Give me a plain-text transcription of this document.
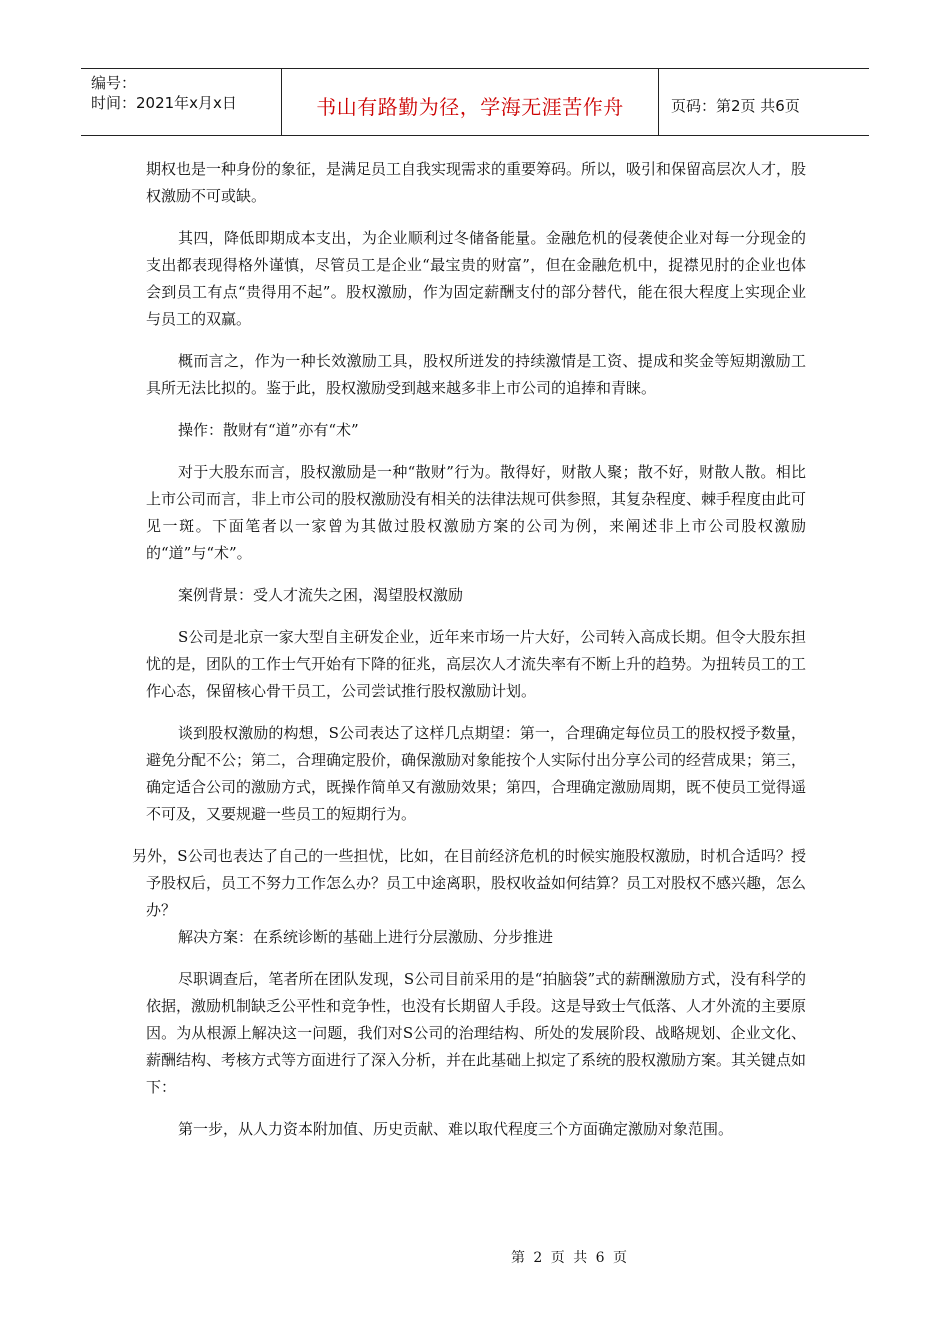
编号：
时间：2021年x月x日	书山有路勤为径，学海无涯苦作舟	页码：第2页 共6页

期权也是一种身份的象征，是满足员工自我实现需求的重要筹码。所以，吸引和保留高层次人才，股权激励不可或缺。

其四，降低即期成本支出，为企业顺利过冬储备能量。金融危机的侵袭使企业对每一分现金的支出都表现得格外谨慎，尽管员工是企业“最宝贵的财富”，但在金融危机中，捉襟见肘的企业也体会到员工有点“贵得用不起”。股权激励，作为固定薪酬支付的部分替代，能在很大程度上实现企业与员工的双赢。

概而言之，作为一种长效激励工具，股权所迸发的持续激情是工资、提成和奖金等短期激励工具所无法比拟的。鉴于此，股权激励受到越来越多非上市公司的追捧和青睐。

操作：散财有“道”亦有“术”

对于大股东而言，股权激励是一种“散财”行为。散得好，财散人聚；散不好，财散人散。相比上市公司而言，非上市公司的股权激励没有相关的法律法规可供参照，其复杂程度、棘手程度由此可见一斑。下面笔者以一家曾为其做过股权激励方案的公司为例，来阐述非上市公司股权激励的“道”与“术”。

案例背景：受人才流失之困，渴望股权激励

S公司是北京一家大型自主研发企业，近年来市场一片大好，公司转入高成长期。但令大股东担忧的是，团队的工作士气开始有下降的征兆，高层次人才流失率有不断上升的趋势。为扭转员工的工作心态，保留核心骨干员工，公司尝试推行股权激励计划。

谈到股权激励的构想，S公司表达了这样几点期望：第一，合理确定每位员工的股权授予数量，避免分配不公；第二，合理确定股价，确保激励对象能按个人实际付出分享公司的经营成果；第三，确定适合公司的激励方式，既操作简单又有激励效果；第四，合理确定激励周期，既不使员工觉得遥不可及，又要规避一些员工的短期行为。

另外，S公司也表达了自己的一些担忧，比如，在目前经济危机的时候实施股权激励，时机合适吗？授予股权后，员工不努力工作怎么办？员工中途离职，股权收益如何结算？员工对股权不感兴趣，怎么办？

解决方案：在系统诊断的基础上进行分层激励、分步推进

尽职调查后，笔者所在团队发现，S公司目前采用的是“拍脑袋”式的薪酬激励方式，没有科学的依据，激励机制缺乏公平性和竞争性，也没有长期留人手段。这是导致士气低落、人才外流的主要原因。为从根源上解决这一问题，我们对S公司的治理结构、所处的发展阶段、战略规划、企业文化、薪酬结构、考核方式等方面进行了深入分析，并在此基础上拟定了系统的股权激励方案。其关键点如下：

第一步，从人力资本附加值、历史贡献、难以取代程度三个方面确定激励对象范围。

第 2 页 共 6 页
